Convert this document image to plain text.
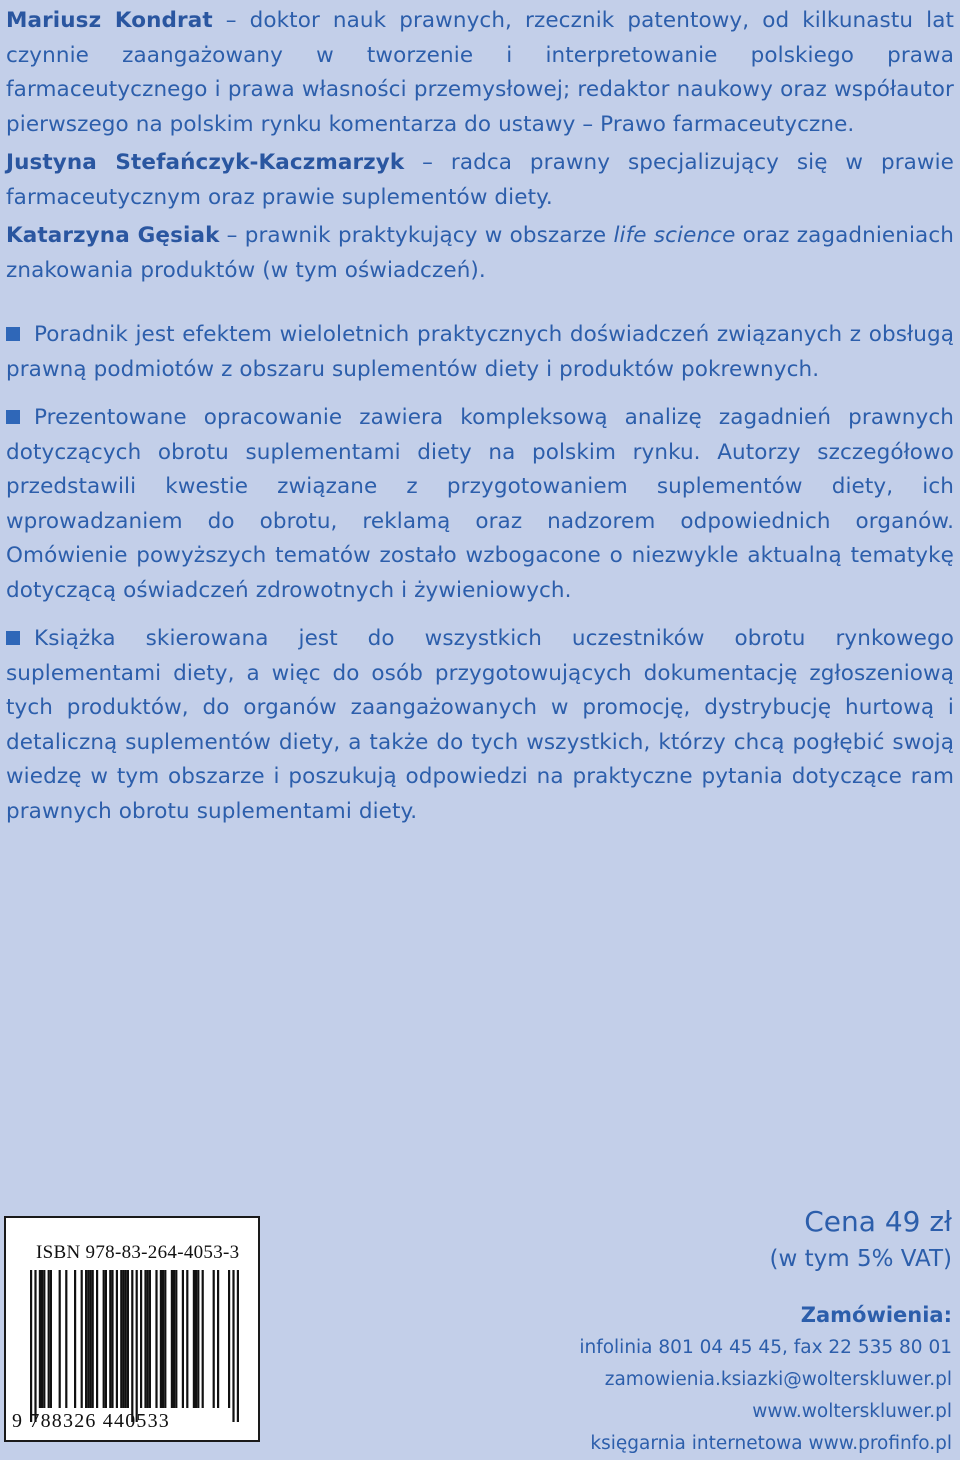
Mariusz Kondrat – doktor nauk prawnych, rzecznik patentowy, od kilkunastu lat czynnie zaangażowany w tworzenie i interpretowanie polskiego prawa farmaceutycznego i prawa własności przemysłowej; redaktor naukowy oraz współautor pierwszego na polskim rynku komentarza do ustawy – Prawo farmaceutyczne.

Justyna Stefańczyk-Kaczmarzyk – radca prawny specjalizujący się w prawie farmaceutycznym oraz prawie suplementów diety.

Katarzyna Gęsiak – prawnik praktykujący w obszarze life science oraz zagadnieniach znakowania produktów (w tym oświadczeń).

Poradnik jest efektem wieloletnich praktycznych doświadczeń związanych z obsługą prawną podmiotów z obszaru suplementów diety i produktów pokrewnych.

Prezentowane opracowanie zawiera kompleksową analizę zagadnień prawnych dotyczących obrotu suplementami diety na polskim rynku. Autorzy szczegółowo przedstawili kwestie związane z przygotowaniem suplementów diety, ich wprowadzaniem do obrotu, reklamą oraz nadzorem odpowiednich organów. Omówienie powyższych tematów zostało wzbogacone o niezwykle aktualną tematykę dotyczącą oświadczeń zdrowotnych i żywieniowych.

Książka skierowana jest do wszystkich uczestników obrotu rynkowego suplementami diety, a więc do osób przygotowujących dokumentację zgłoszeniową tych produktów, do organów zaangażowanych w promocję, dystrybucję hurtową i detaliczną suplementów diety, a także do tych wszystkich, którzy chcą pogłębić swoją wiedzę w tym obszarze i poszukują odpowiedzi na praktyczne pytania dotyczące ram prawnych obrotu suplementami diety.

ISBN 978-83-264-4053-3
9 788326 440533
Cena 49 zł
(w tym 5% VAT)
Zamówienia:
infolinia 801 04 45 45, fax 22 535 80 01
zamowienia.ksiazki@wolterskluwer.pl
www.wolterskluwer.pl
księgarnia internetowa www.profinfo.pl
